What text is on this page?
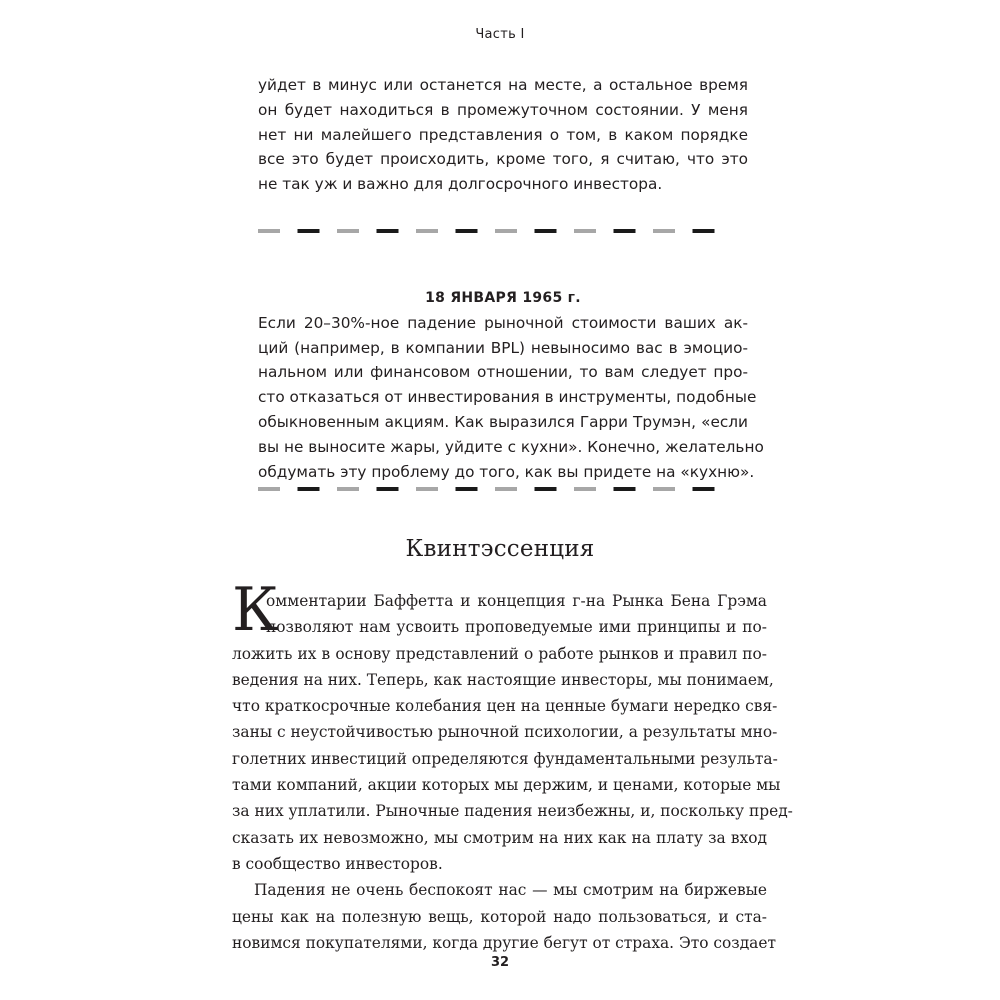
Часть I
уйдет в минус или останется на месте, а остальное время
он будет находиться в промежуточном состоянии. У меня
нет ни малейшего представления о том, в каком порядке
все это будет происходить, кроме того, я считаю, что это
не так уж и важно для долгосрочного инвестора.
18 ЯНВАРЯ 1965 г.
Если 20–30%-ное падение рыночной стоимости ваших ак-
ций (например, в компании BPL) невыносимо вас в эмоцио-
нальном или финансовом отношении, то вам следует про-
сто отказаться от инвестирования в инструменты, подобные
обыкновенным акциям. Как выразился Гарри Трумэн, «если
вы не выносите жары, уйдите с кухни». Конечно, желательно
обдумать эту проблему до того, как вы придете на «кухню».
Квинтэссенция
К
омментарии Баффетта и концепция г-на Рынка Бена Грэма
позволяют нам усвоить проповедуемые ими принципы и по-
ложить их в основу представлений о работе рынков и правил по-
ведения на них. Теперь, как настоящие инвесторы, мы понимаем,
что краткосрочные колебания цен на ценные бумаги нередко свя-
заны с неустойчивостью рыночной психологии, а результаты мно-
голетних инвестиций определяются фундаментальными результа-
тами компаний, акции которых мы держим, и ценами, которые мы
за них уплатили. Рыночные падения неизбежны, и, поскольку пред-
сказать их невозможно, мы смотрим на них как на плату за вход
в сообщество инвесторов.
Падения не очень беспокоят нас — мы смотрим на биржевые
цены как на полезную вещь, которой надо пользоваться, и ста-
новимся покупателями, когда другие бегут от страха. Это создает
32
